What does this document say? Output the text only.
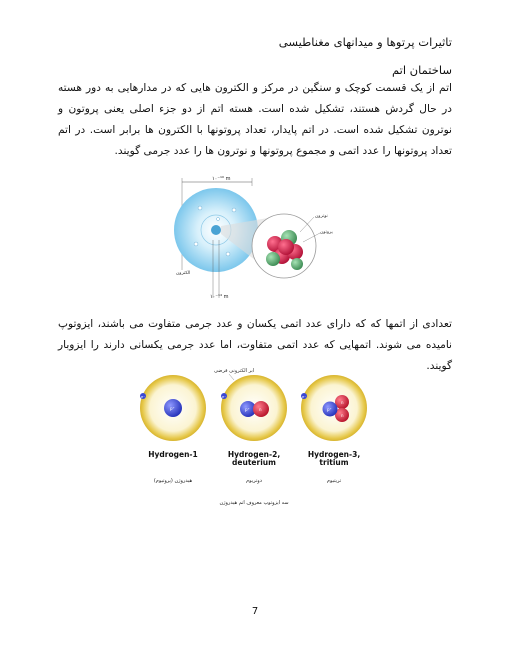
تاثیرات پرتوها و میدانهای مغناطیسی
ساختمان اتم
اتم از یک قسمت کوچک و سنگین در مرکز و الکترون هایی که در مدارهایی به دور هسته در حال گردش هستند، تشکیل شده است. هسته اتم از دو جزء اصلی یعنی پروتون و نوترون تشکیل شده است. در اتم پایدار، تعداد پروتونها با الکترون ها برابر است. در اتم تعداد پروتونها را عدد اتمی و مجموع پروتونها و نوترون ها را عدد جرمی گویند.
۱۰⁻¹⁰ m
الکترون
۱۰⁻¹⁴ m
نوترون
پروتون
تعدادی از اتمها که که دارای عدد اتمی یکسان و عدد جرمی متفاوت می باشند، ایزوتوپ نامیده می شوند. اتمهایی که عدد اتمی متفاوت، اما عدد جرمی یکسانی دارند را ایزوبار گویند.
ابر الکترونی فرضی
p⁺
e⁻
Hydrogen-1
هیدروژن (پروتیوم)
p⁺ n
e⁻
Hydrogen-2,
deuterium
دوتریوم
p⁺
n
n
e⁻
Hydrogen-3,
tritium
تریتیوم
سه ایزوتوپ معروف اتم هیدروژن
7
